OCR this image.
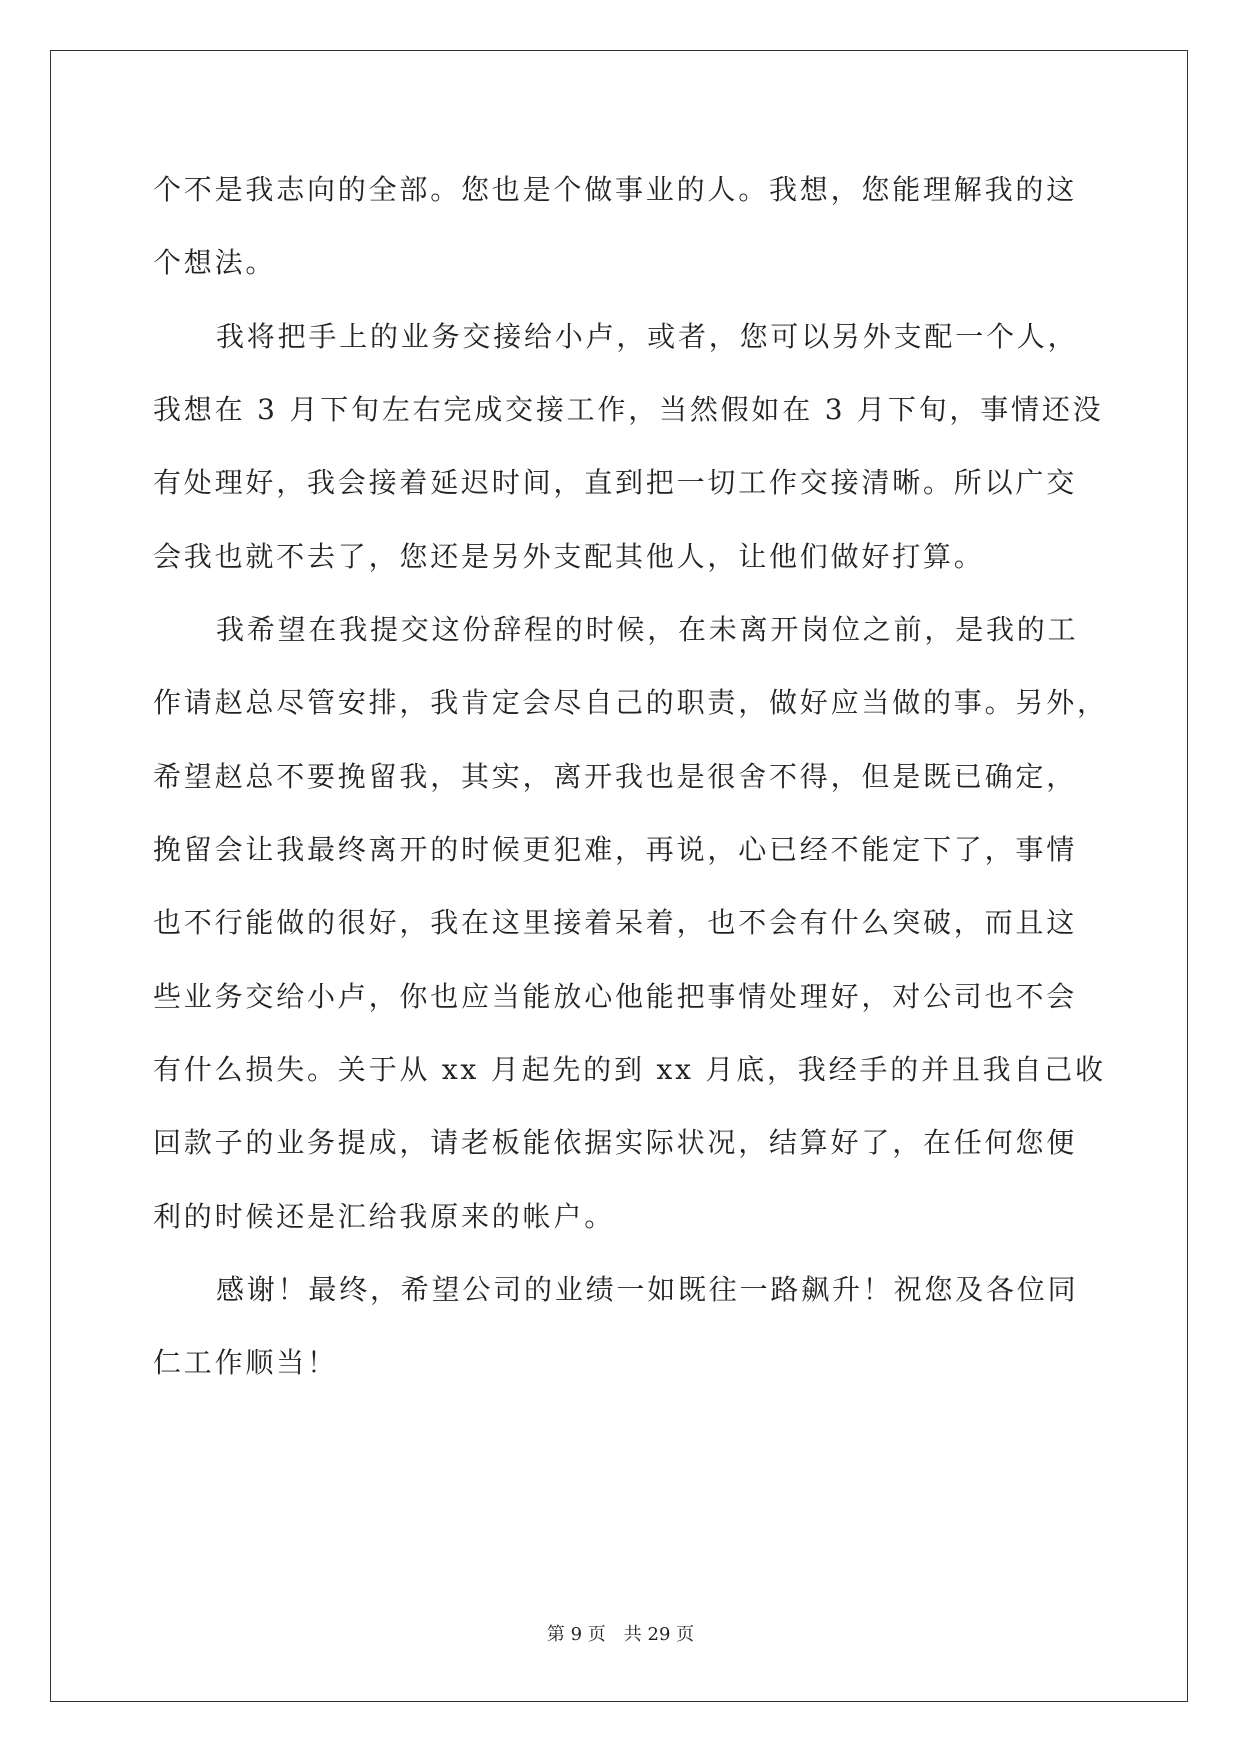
个不是我志向的全部。您也是个做事业的人。我想，您能理解我的这
个想法。
我将把手上的业务交接给小卢，或者，您可以另外支配一个人，
我想在 3 月下旬左右完成交接工作，当然假如在 3 月下旬，事情还没
有处理好，我会接着延迟时间，直到把一切工作交接清晰。所以广交
会我也就不去了，您还是另外支配其他人，让他们做好打算。
我希望在我提交这份辞程的时候，在未离开岗位之前，是我的工
作请赵总尽管安排，我肯定会尽自己的职责，做好应当做的事。另外，
希望赵总不要挽留我，其实，离开我也是很舍不得，但是既已确定，
挽留会让我最终离开的时候更犯难，再说，心已经不能定下了，事情
也不行能做的很好，我在这里接着呆着，也不会有什么突破，而且这
些业务交给小卢，你也应当能放心他能把事情处理好，对公司也不会
有什么损失。关于从 xx 月起先的到 xx 月底，我经手的并且我自己收
回款子的业务提成，请老板能依据实际状况，结算好了，在任何您便
利的时候还是汇给我原来的帐户。
感谢！最终，希望公司的业绩一如既往一路飙升！祝您及各位同
仁工作顺当！
第 9 页　共 29 页
